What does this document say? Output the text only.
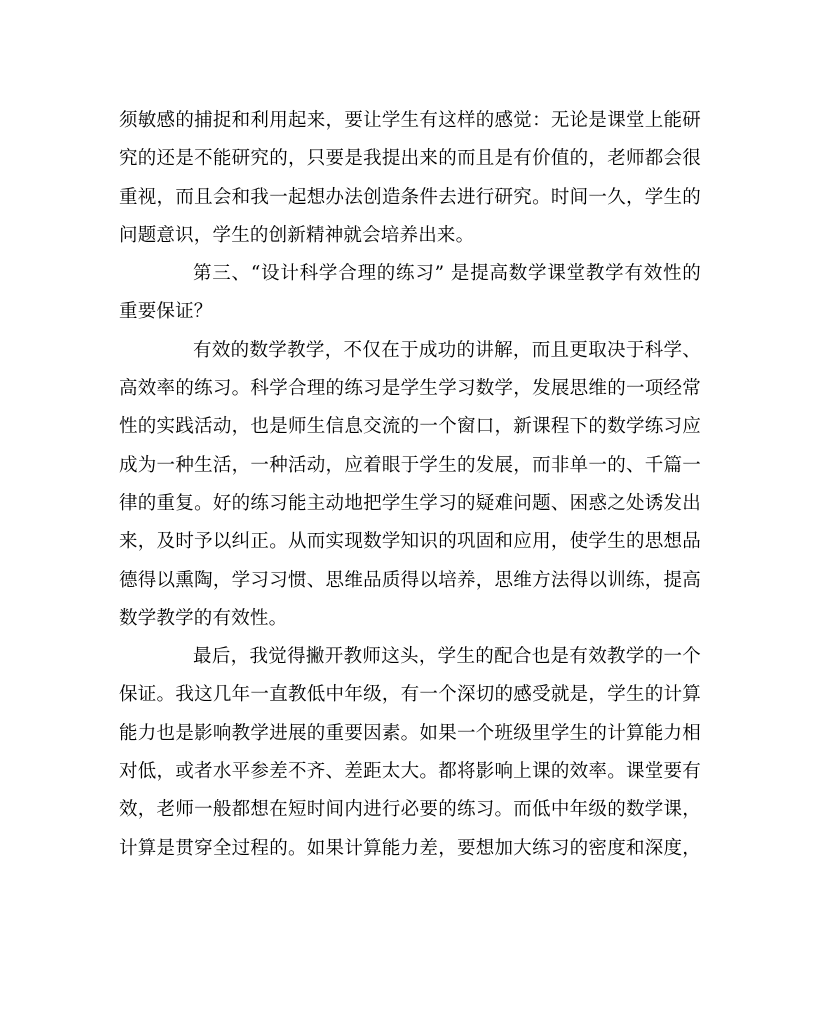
须敏感的捕捉和利用起来，要让学生有这样的感觉：无论是课堂上能研
究的还是不能研究的，只要是我提出来的而且是有价值的，老师都会很
重视，而且会和我一起想办法创造条件去进行研究。时间一久，学生的
问题意识，学生的创新精神就会培养出来。
第三、“设计科学合理的练习” 是提高数学课堂教学有效性的
重要保证？
有效的数学教学，不仅在于成功的讲解，而且更取决于科学、
高效率的练习。科学合理的练习是学生学习数学，发展思维的一项经常
性的实践活动，也是师生信息交流的一个窗口，新课程下的数学练习应
成为一种生活，一种活动，应着眼于学生的发展，而非单一的、千篇一
律的重复。好的练习能主动地把学生学习的疑难问题、困惑之处诱发出
来，及时予以纠正。从而实现数学知识的巩固和应用，使学生的思想品
德得以熏陶，学习习惯、思维品质得以培养，思维方法得以训练，提高
数学教学的有效性。
最后，我觉得撇开教师这头，学生的配合也是有效教学的一个
保证。我这几年一直教低中年级，有一个深切的感受就是，学生的计算
能力也是影响教学进展的重要因素。如果一个班级里学生的计算能力相
对低，或者水平参差不齐、差距太大。都将影响上课的效率。课堂要有
效，老师一般都想在短时间内进行必要的练习。而低中年级的数学课，
计算是贯穿全过程的。如果计算能力差，要想加大练习的密度和深度，
